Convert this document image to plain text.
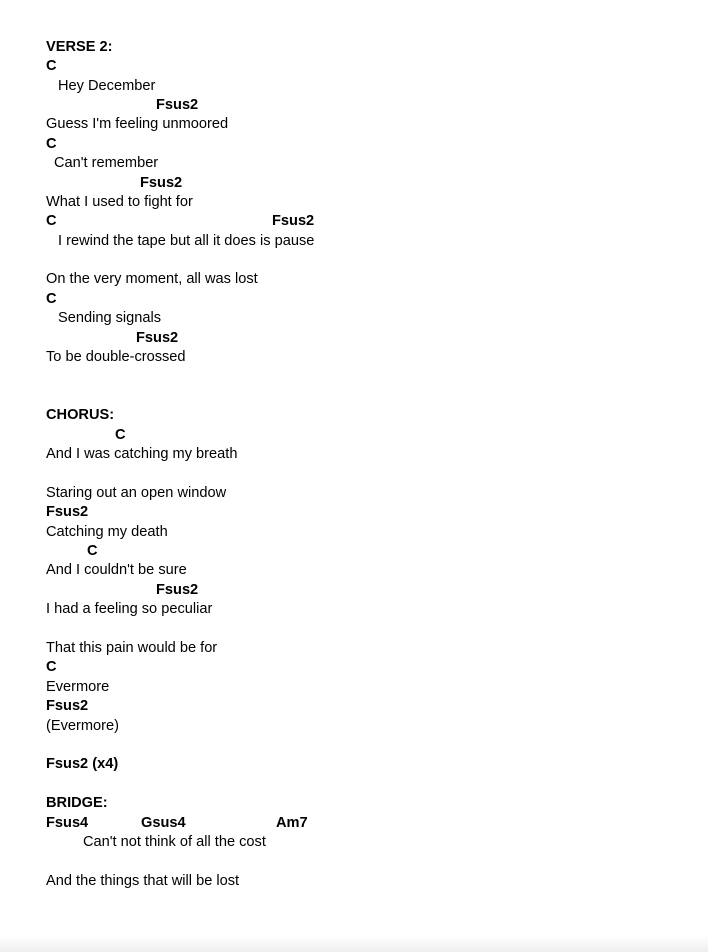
VERSE 2:
C
Hey December
Fsus2
Guess I'm feeling unmoored
C
Can't remember
Fsus2
What I used to fight for
C	Fsus2
I rewind the tape but all it does is pause
On the very moment, all was lost
C
Sending signals
Fsus2
To be double-crossed
CHORUS:
C
And I was catching my breath
Staring out an open window
Fsus2
Catching my death
C
And I couldn't be sure
Fsus2
I had a feeling so peculiar
That this pain would be for
C
Evermore
Fsus2
(Evermore)
Fsus2 (x4)
BRIDGE:
Fsus4	Gsus4	Am7
Can't not think of all the cost
And the things that will be lost
